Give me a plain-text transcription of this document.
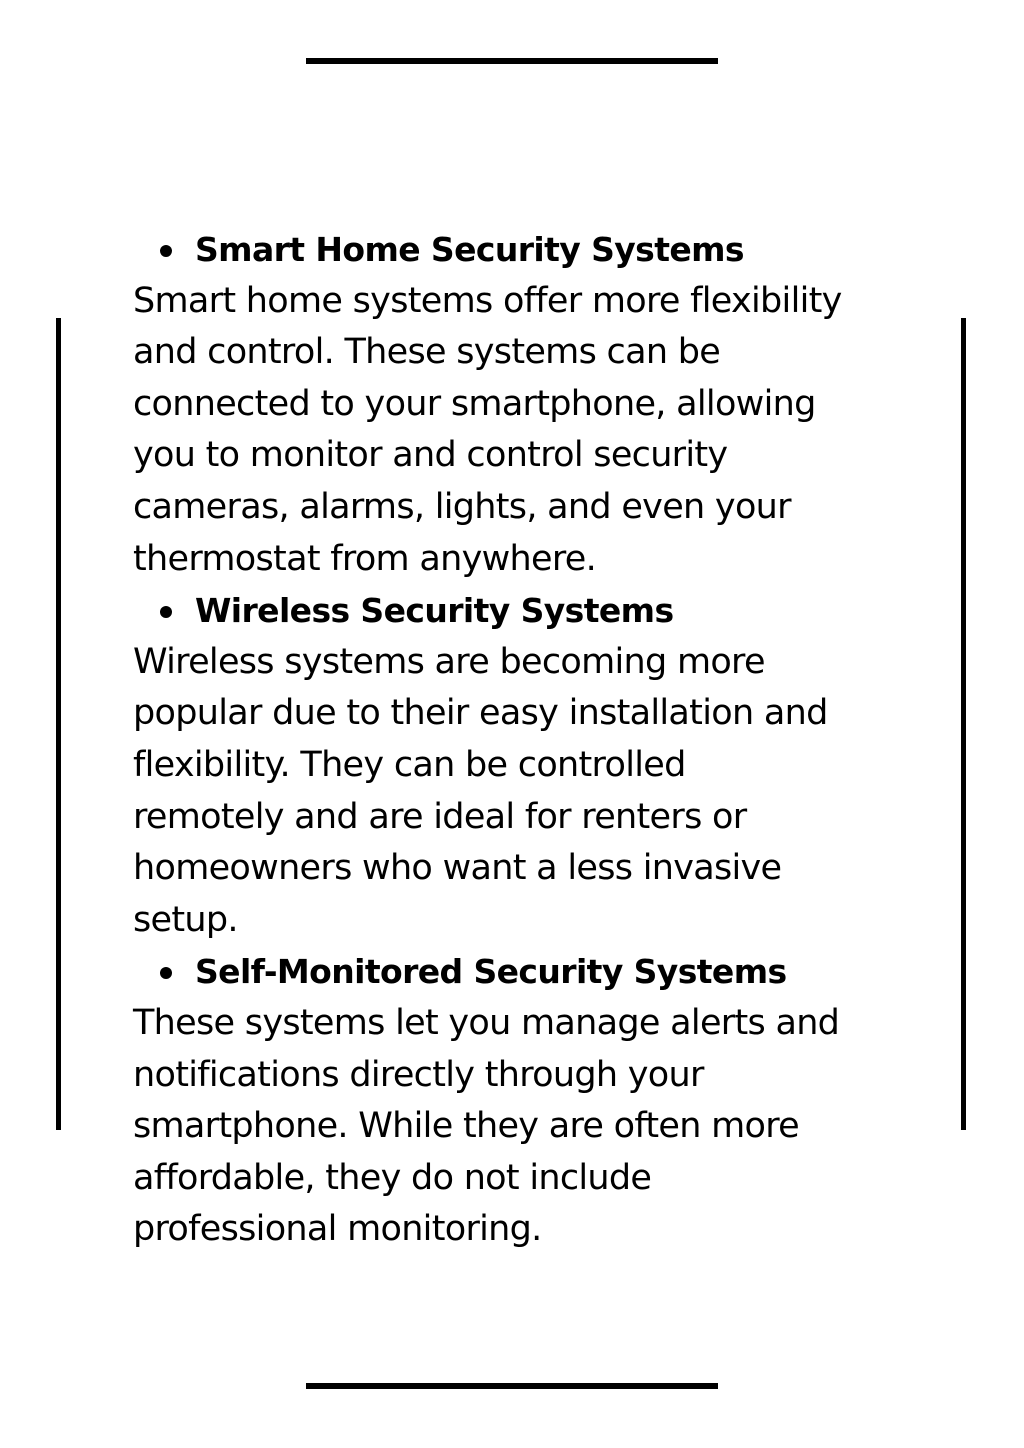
Smart Home Security Systems
Smart home systems offer more flexibility
and control. These systems can be
connected to your smartphone, allowing
you to monitor and control security
cameras, alarms, lights, and even your
thermostat from anywhere.
Wireless Security Systems
Wireless systems are becoming more
popular due to their easy installation and
flexibility. They can be controlled
remotely and are ideal for renters or
homeowners who want a less invasive
setup.
Self-Monitored Security Systems
These systems let you manage alerts and
notifications directly through your
smartphone. While they are often more
affordable, they do not include
professional monitoring.
